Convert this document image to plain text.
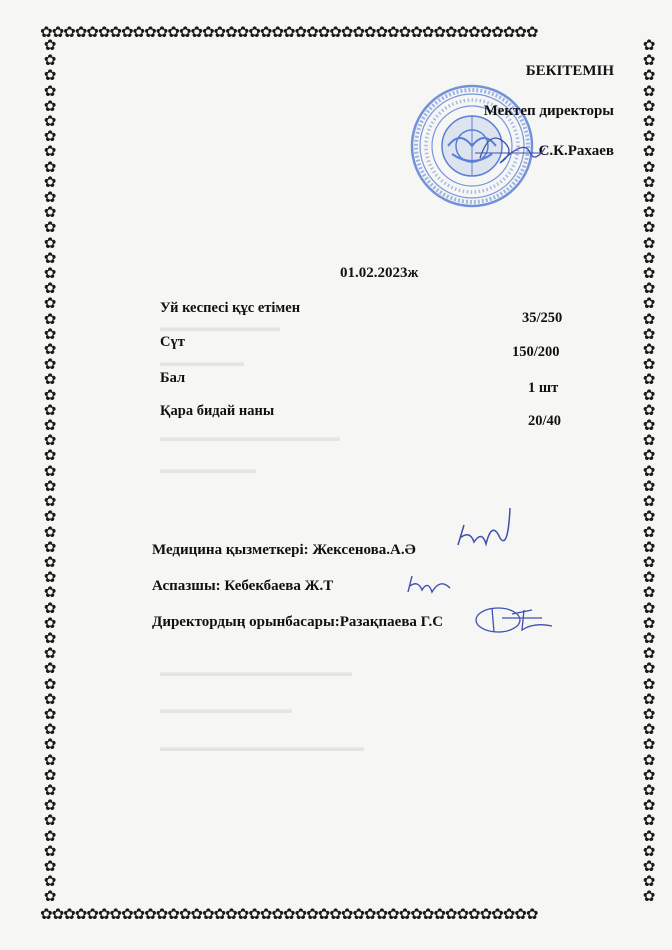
✿✿✿✿✿✿✿✿✿✿✿✿✿✿✿✿✿✿✿✿✿✿✿✿✿✿✿✿✿✿✿✿✿✿✿✿✿✿✿✿✿✿✿
✿✿✿✿✿✿✿✿✿✿✿✿✿✿✿✿✿✿✿✿✿✿✿✿✿✿✿✿✿✿✿✿✿✿✿✿✿✿✿✿✿✿✿
✿
✿
✿
✿
✿
✿
✿
✿
✿
✿
✿
✿
✿
✿
✿
✿
✿
✿
✿
✿
✿
✿
✿
✿
✿
✿
✿
✿
✿
✿
✿
✿
✿
✿
✿
✿
✿
✿
✿
✿
✿
✿
✿
✿
✿
✿
✿
✿
✿
✿
✿
✿
✿
✿
✿
✿
✿
✿
✿
✿
✿
✿
✿
✿
✿
✿
✿
✿
✿
✿
✿
✿
✿
✿
✿
✿
✿
✿
✿
✿
✿
✿
✿
✿
✿
✿
✿
✿
✿
✿
✿
✿
✿
✿
✿
✿
✿
✿
✿
✿
✿
✿
✿
✿
✿
✿
✿
✿
✿
✿
✿
✿
✿
✿
▬▬▬▬▬▬▬▬▬▬
▬▬▬▬▬▬▬
▬▬▬▬▬▬▬▬▬▬▬▬▬▬▬
▬▬▬▬▬▬▬▬
▬▬▬▬▬▬▬▬▬▬▬▬▬▬▬▬
▬▬▬▬▬▬▬▬▬▬▬
▬▬▬▬▬▬▬▬▬▬▬▬▬▬▬▬▬
БЕКІТЕМІН
Мектеп директоры
С.К.Рахаев
01.02.2023ж
Уй кеспесі құс етімен
35/250
Сүт
150/200
Бал
1 шт
Қара бидай наны
20/40
Медицина қызметкері: Жексенова.А.Ә
Аспазшы: Кебекбаева Ж.Т
Директордың орынбасары:Разақпаева Г.С
